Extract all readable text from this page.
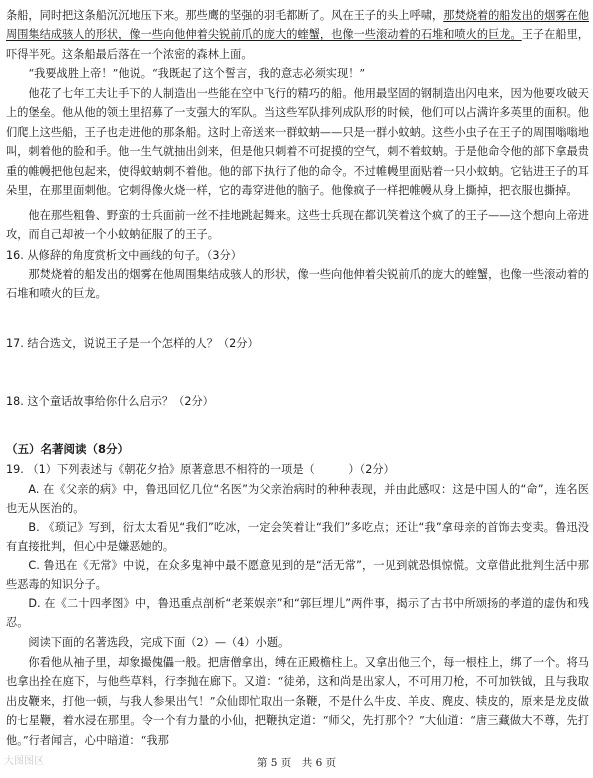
条船，同时把这条船沉沉地压下来。那些鹰的坚强的羽毛都断了。风在王子的头上呼啸，那焚烧着的船发出的烟雾在他周围集结成骇人的形状，像一些向他伸着尖锐前爪的庞大的蝰蟹，也像一些滚动着的石堆和喷火的巨龙。王子在船里，吓得半死。这条船最后落在一个浓密的森林上面。

“我要战胜上帝！”他说。“我既起了这个誓言，我的意志必须实现！”

他花了七年工夫让手下的人制造出一些能在空中飞行的精巧的船。他用最坚固的钢制造出闪电来，因为他要攻破天上的堡垒。他从他的领土里招募了一支强大的军队。当这些军队排列成队形的时候，他们可以占满许多英里的面积。他们爬上这些船，王子也走进他的那条船。这时上帝送来一群蚊蚋——只是一群小蚊蚋。这些小虫子在王子的周围嗡嗡地叫，刺着他的脸和手。他一生气就抽出剑来，但是他只刺着不可捉摸的空气，刺不着蚊蚋。于是他命令他的部下拿最贵重的帷幔把他包起来，使得蚊蚋刺不着他。他的部下执行了他的命令。不过帷幔里面贴着一只小蚊蚋。它钻进王子的耳朵里，在那里面刺他。它刺得像火烧一样，它的毒穿进他的脑子。他像疯子一样把帷幔从身上撕掉，把衣服也撕掉。

他在那些粗鲁、野蛮的士兵面前一丝不挂地跳起舞来。这些士兵现在都讥笑着这个疯了的王子——这个想向上帝进攻，而自己却被一个小蚊蚋征服了的王子。

16. 从修辞的角度赏析文中画线的句子。（3分）

那焚烧着的船发出的烟雾在他周围集结成骇人的形状，像一些向他伸着尖锐前爪的庞大的蝰蟹，也像一些滚动着的石堆和喷火的巨龙。

17. 结合选文，说说王子是一个怎样的人？（2分）

18. 这个童话故事给你什么启示？（2分）

（五）名著阅读（8分）

19. （1）下列表述与《朝花夕拾》原著意思不相符的一项是（　　　）（2分）

A. 在《父亲的病》中，鲁迅回忆几位“名医”为父亲治病时的种种表现，并由此感叹：这是中国人的“命”，连名医也无从医治的。

B. 《琐记》写到，衍太太看见“我们”吃冰，一定会笑着让“我们”多吃点；还让“我”拿母亲的首饰去变卖。鲁迅没有直接批判，但心中是嫌恶她的。

C. 鲁迅在《无常》中说，在众多鬼神中最不愿意见到的是“活无常”，一见到就恐惧惊慌。文章借此批判生活中那些恶毒的知识分子。

D. 在《二十四孝图》中，鲁迅重点剖析“老莱娱亲”和“郭巨埋儿”两件事，揭示了古书中所颂扬的孝道的虚伪和残忍。

阅读下面的名著选段，完成下面（2）—（4）小题。

你看他从袖子里，却象撮傀儡一般。把唐僧拿出，缚在正殿檐柱上。又拿出他三个，每一根柱上，绑了一个。将马也拿出拴在庭下，与他些草料，行李抛在廊下。又道：“徒弟，这和尚是出家人，不可用刀枪，不可加铁钺，且与我取出皮鞭来，打他一顿，与我人参果出气！”众仙即忙取出一条鞭，不是什么牛皮、羊皮、麂皮、犊皮的，原来是龙皮做的七星鞭，着水浸在那里。令一个有力量的小仙，把鞭执定道：“师父，先打那个？”大仙道：“唐三藏做大不尊，先打他。”行者闻言，心中暗道：“我那

大图图区	第 5 页　共 6 页
